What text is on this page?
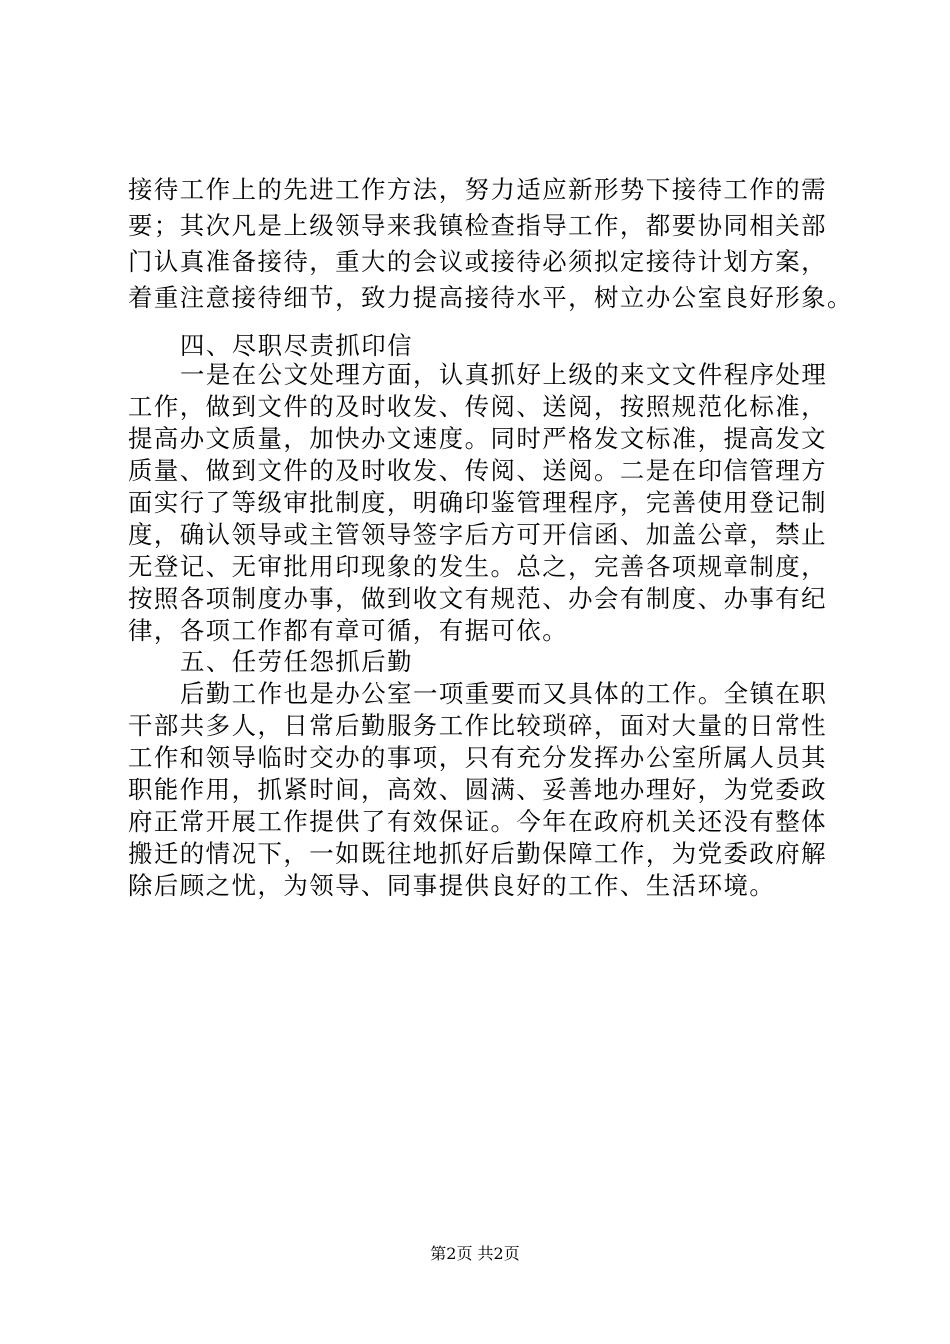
接待工作上的先进工作方法，努力适应新形势下接待工作的需
要；其次凡是上级领导来我镇检查指导工作，都要协同相关部
门认真准备接待，重大的会议或接待必须拟定接待计划方案，
着重注意接待细节，致力提高接待水平，树立办公室良好形象。
四、尽职尽责抓印信
一是在公文处理方面，认真抓好上级的来文文件程序处理
工作，做到文件的及时收发、传阅、送阅，按照规范化标准，
提高办文质量，加快办文速度。同时严格发文标准，提高发文
质量、做到文件的及时收发、传阅、送阅。二是在印信管理方
面实行了等级审批制度，明确印鉴管理程序，完善使用登记制
度，确认领导或主管领导签字后方可开信函、加盖公章，禁止
无登记、无审批用印现象的发生。总之，完善各项规章制度，
按照各项制度办事，做到收文有规范、办会有制度、办事有纪
律，各项工作都有章可循，有据可依。
五、任劳任怨抓后勤
后勤工作也是办公室一项重要而又具体的工作。全镇在职
干部共多人，日常后勤服务工作比较琐碎，面对大量的日常性
工作和领导临时交办的事项，只有充分发挥办公室所属人员其
职能作用，抓紧时间，高效、圆满、妥善地办理好，为党委政
府正常开展工作提供了有效保证。今年在政府机关还没有整体
搬迁的情况下，一如既往地抓好后勤保障工作，为党委政府解
除后顾之忧，为领导、同事提供良好的工作、生活环境。
第2页 共2页
